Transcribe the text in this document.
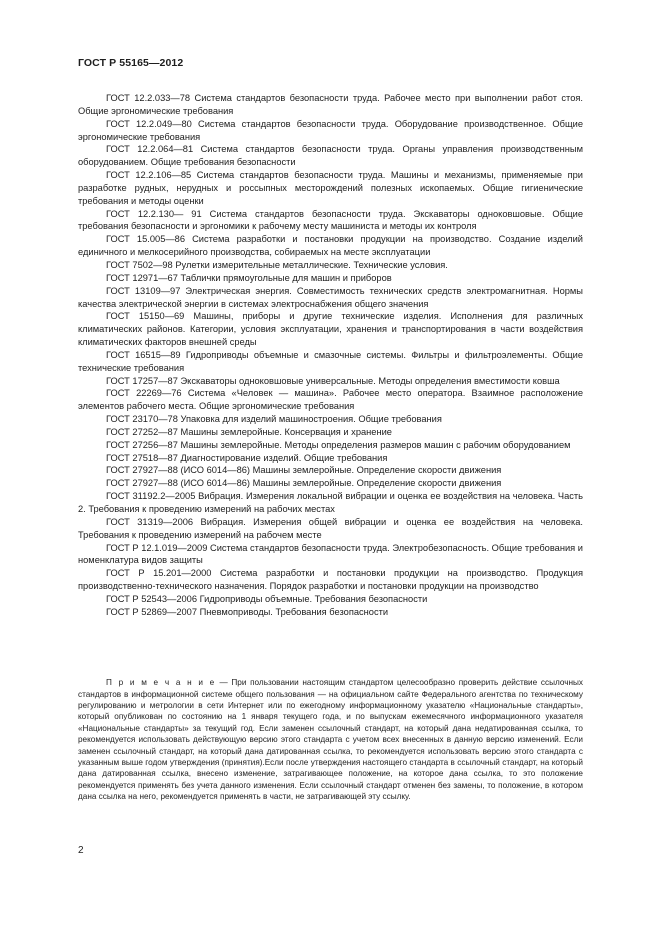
ГОСТ Р 55165—2012

ГОСТ 12.2.033—78 Система стандартов безопасности труда. Рабочее место при выполнении работ стоя. Общие эргономические требования

ГОСТ 12.2.049—80 Система стандартов безопасности труда. Оборудование производственное. Общие эргономические требования

ГОСТ 12.2.064—81 Система стандартов безопасности труда. Органы управления производственным оборудованием. Общие требования безопасности

ГОСТ 12.2.106—85 Система стандартов безопасности труда. Машины и механизмы, применяемые при разработке рудных, нерудных и россыпных месторождений полезных ископаемых. Общие гигиенические требования и методы оценки

ГОСТ 12.2.130— 91 Система стандартов безопасности труда. Экскаваторы одноковшовые. Общие требования безопасности и эргономики к рабочему месту машиниста и методы их контроля

ГОСТ 15.005—86 Система разработки и постановки продукции на производство. Создание изделий единичного и мелкосерийного производства, собираемых на месте эксплуатации

ГОСТ 7502—98 Рулетки измерительные металлические. Технические условия.

ГОСТ 12971—67 Таблички прямоугольные для машин и приборов

ГОСТ 13109—97 Электрическая энергия. Совместимость технических средств электромагнитная. Нормы качества электрической энергии в системах электроснабжения общего значения

ГОСТ 15150—69 Машины, приборы и другие технические изделия. Исполнения для различных климатических районов. Категории, условия эксплуатации, хранения и транспортирования в части воздействия климатических факторов внешней среды

ГОСТ 16515—89 Гидроприводы объемные и смазочные системы. Фильтры и фильтроэлементы. Общие технические требования

ГОСТ 17257—87 Экскаваторы одноковшовые универсальные. Методы определения вместимости ковша

ГОСТ 22269—76 Система «Человек — машина». Рабочее место оператора. Взаимное расположение элементов рабочего места. Общие эргономические требования

ГОСТ 23170—78 Упаковка для изделий машиностроения. Общие требования

ГОСТ 27252—87 Машины землеройные. Консервация и хранение

ГОСТ 27256—87 Машины землеройные. Методы определения размеров машин с рабочим оборудованием

ГОСТ 27518—87 Диагностирование изделий. Общие требования

ГОСТ 27927—88 (ИСО 6014—86) Машины землеройные. Определение скорости движения

ГОСТ 27927—88 (ИСО 6014—86) Машины землеройные. Определение скорости движения

ГОСТ 31192.2—2005 Вибрация. Измерения локальной вибрации и оценка ее воздействия на человека. Часть 2. Требования к проведению измерений на рабочих местах

ГОСТ 31319—2006 Вибрация. Измерения общей вибрации и оценка ее воздействия на человека. Требования к проведению измерений на рабочем месте

ГОСТ Р 12.1.019—2009 Система стандартов безопасности труда. Электробезопасность. Общие требования и номенклатура видов защиты

ГОСТ Р 15.201—2000 Система разработки и постановки продукции на производство. Продукция производственно-технического назначения. Порядок разработки и постановки продукции на производство

ГОСТ Р 52543—2006 Гидроприводы объемные. Требования безопасности

ГОСТ Р 52869—2007 Пневмоприводы. Требования безопасности

П р и м е ч а н и е — При пользовании настоящим стандартом целесообразно проверить действие ссылочных стандартов в информационной системе общего пользования — на официальном сайте Федерального агентства по техническому регулированию и метрологии в сети Интернет или по ежегодному информационному указателю «Национальные стандарты», который опубликован по состоянию на 1 января текущего года, и по выпускам ежемесячного информационного указателя «Национальные стандарты» за текущий год. Если заменен ссылочный стандарт, на который дана недатированная ссылка, то рекомендуется использовать действующую версию этого стандарта с учетом всех внесенных в данную версию изменений. Если заменен ссылочный стандарт, на который дана датированная ссылка, то рекомендуется использовать версию этого стандарта с указанным выше годом утверждения (принятия).Если после утверждения настоящего стандарта в ссылочный стандарт, на который дана датированная ссылка, внесено изменение, затрагивающее положение, на которое дана ссылка, то это положение рекомендуется применять без учета данного изменения. Если ссылочный стандарт отменен без замены, то положение, в котором дана ссылка на него, рекомендуется применять в части, не затрагивающей эту ссылку.

2
